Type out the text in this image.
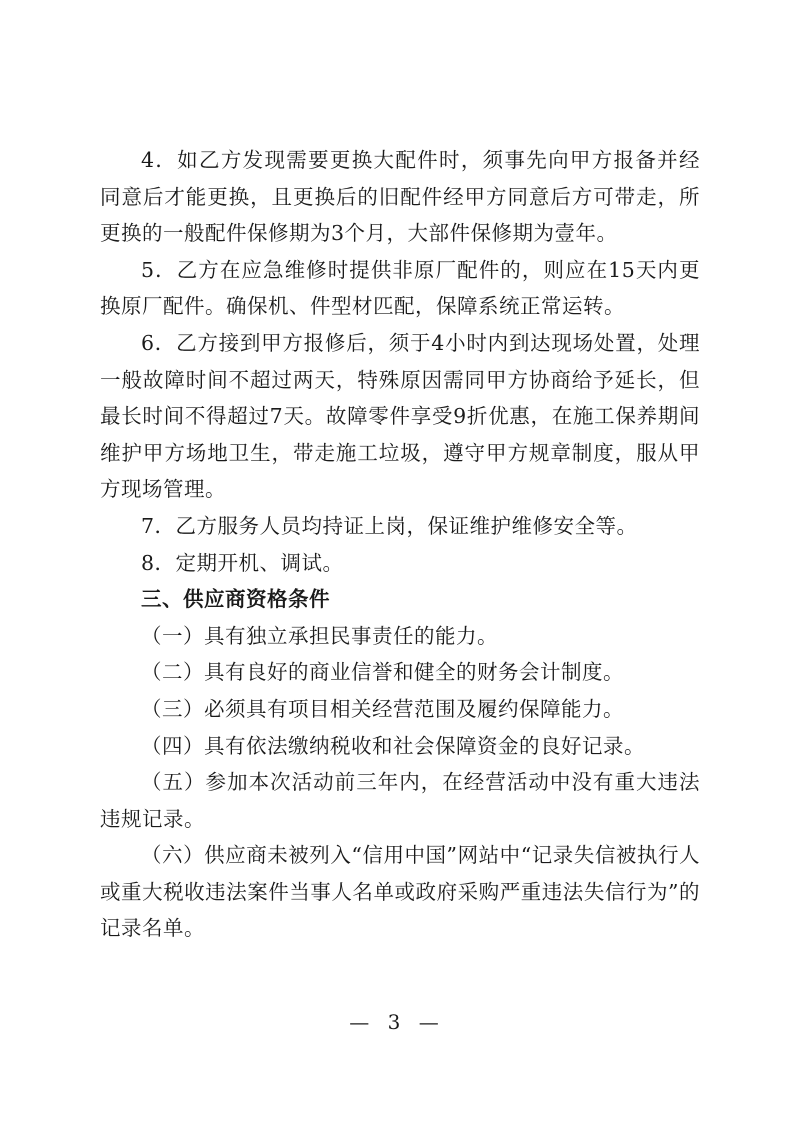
4．如乙方发现需要更换大配件时，须事先向甲方报备并经同意后才能更换，且更换后的旧配件经甲方同意后方可带走，所更换的一般配件保修期为3个月，大部件保修期为壹年。

5．乙方在应急维修时提供非原厂配件的，则应在15天内更换原厂配件。确保机、件型材匹配，保障系统正常运转。

6．乙方接到甲方报修后，须于4小时内到达现场处置，处理一般故障时间不超过两天，特殊原因需同甲方协商给予延长，但最长时间不得超过7天。故障零件享受9折优惠，在施工保养期间维护甲方场地卫生，带走施工垃圾，遵守甲方规章制度，服从甲方现场管理。

7．乙方服务人员均持证上岗，保证维护维修安全等。

8．定期开机、调试。

三、供应商资格条件

（一）具有独立承担民事责任的能力。

（二）具有良好的商业信誉和健全的财务会计制度。

（三）必须具有项目相关经营范围及履约保障能力。

（四）具有依法缴纳税收和社会保障资金的良好记录。

（五）参加本次活动前三年内，在经营活动中没有重大违法违规记录。

（六）供应商未被列入“信用中国”网站中“记录失信被执行人或重大税收违法案件当事人名单或政府采购严重违法失信行为”的记录名单。

— 3 —
